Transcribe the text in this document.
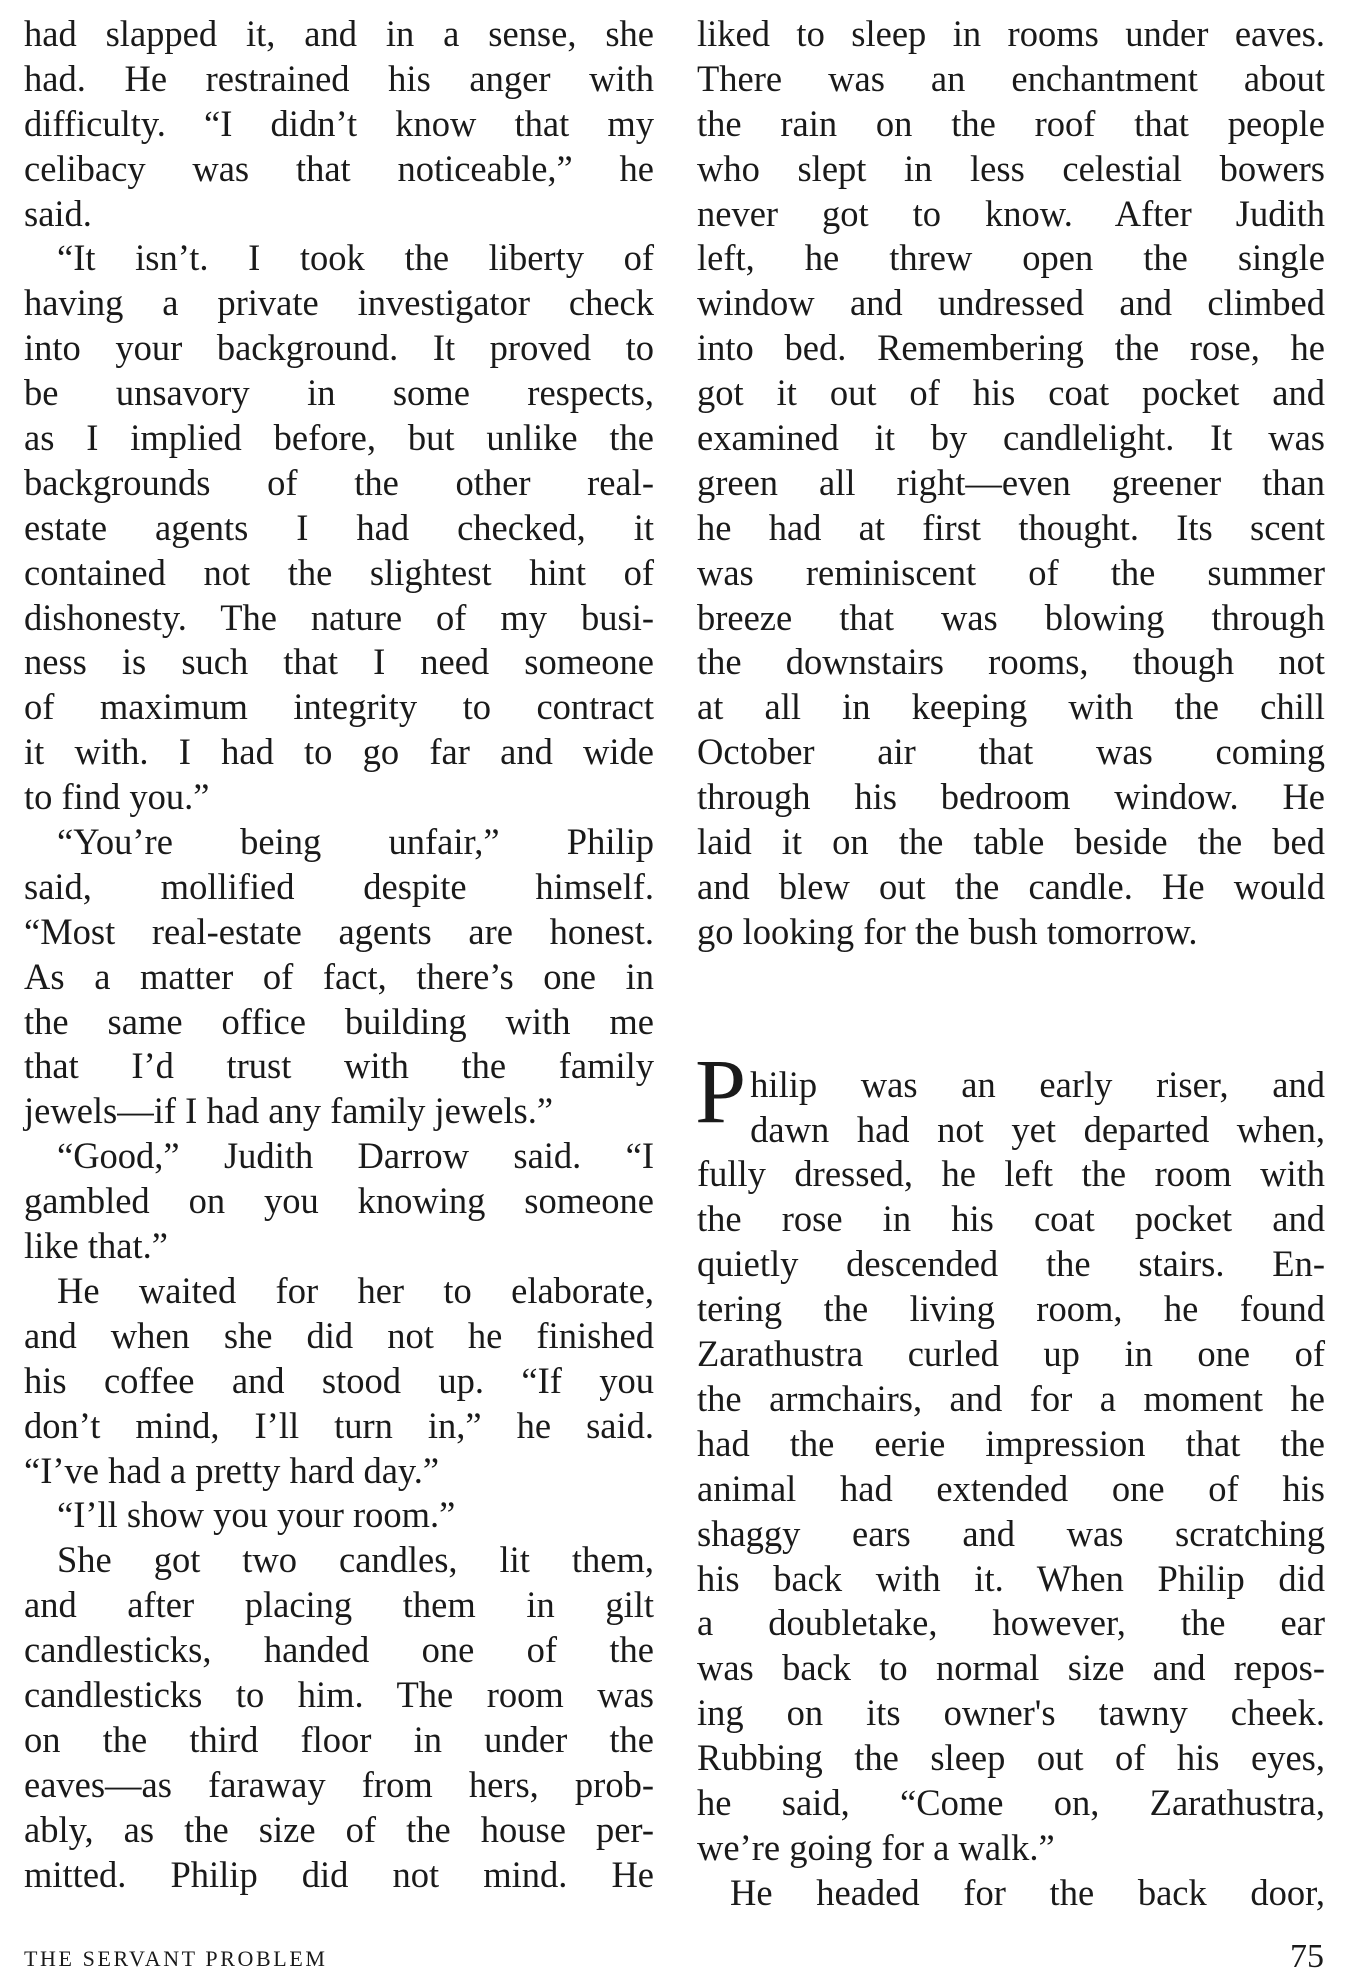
had slapped it, and in a sense, she
had. He restrained his anger with
difficulty. “I didn’t know that my
celibacy was that noticeable,” he
said.
“It isn’t. I took the liberty of
having a private investigator check
into your background. It proved to
be unsavory in some respects,
as I implied before, but unlike the
backgrounds of the other real-
estate agents I had checked, it
contained not the slightest hint of
dishonesty. The nature of my busi-
ness is such that I need someone
of maximum integrity to contract
it with. I had to go far and wide
to find you.”
“You’re being unfair,” Philip
said, mollified despite himself.
“Most real-estate agents are honest.
As a matter of fact, there’s one in
the same office building with me
that I’d trust with the family
jewels—if I had any family jewels.”
“Good,” Judith Darrow said. “I
gambled on you knowing someone
like that.”
He waited for her to elaborate,
and when she did not he finished
his coffee and stood up. “If you
don’t mind, I’ll turn in,” he said.
“I’ve had a pretty hard day.”
“I’ll show you your room.”
She got two candles, lit them,
and after placing them in gilt
candlesticks, handed one of the
candlesticks to him. The room was
on the third floor in under the
eaves—as faraway from hers, prob-
ably, as the size of the house per-
mitted. Philip did not mind. He
liked to sleep in rooms under eaves.
There was an enchantment about
the rain on the roof that people
who slept in less celestial bowers
never got to know. After Judith
left, he threw open the single
window and undressed and climbed
into bed. Remembering the rose, he
got it out of his coat pocket and
examined it by candlelight. It was
green all right—even greener than
he had at first thought. Its scent
was reminiscent of the summer
breeze that was blowing through
the downstairs rooms, though not
at all in keeping with the chill
October air that was coming
through his bedroom window. He
laid it on the table beside the bed
and blew out the candle. He would
go looking for the bush tomorrow.
P hilip was an early riser, and
dawn had not yet departed when,
fully dressed, he left the room with
the rose in his coat pocket and
quietly descended the stairs. En-
tering the living room, he found
Zarathustra curled up in one of
the armchairs, and for a moment he
had the eerie impression that the
animal had extended one of his
shaggy ears and was scratching
his back with it. When Philip did
a doubletake, however, the ear
was back to normal size and repos-
ing on its owner's tawny cheek.
Rubbing the sleep out of his eyes,
he said, “Come on, Zarathustra,
we’re going for a walk.”
He headed for the back door,
THE SERVANT PROBLEM	75
